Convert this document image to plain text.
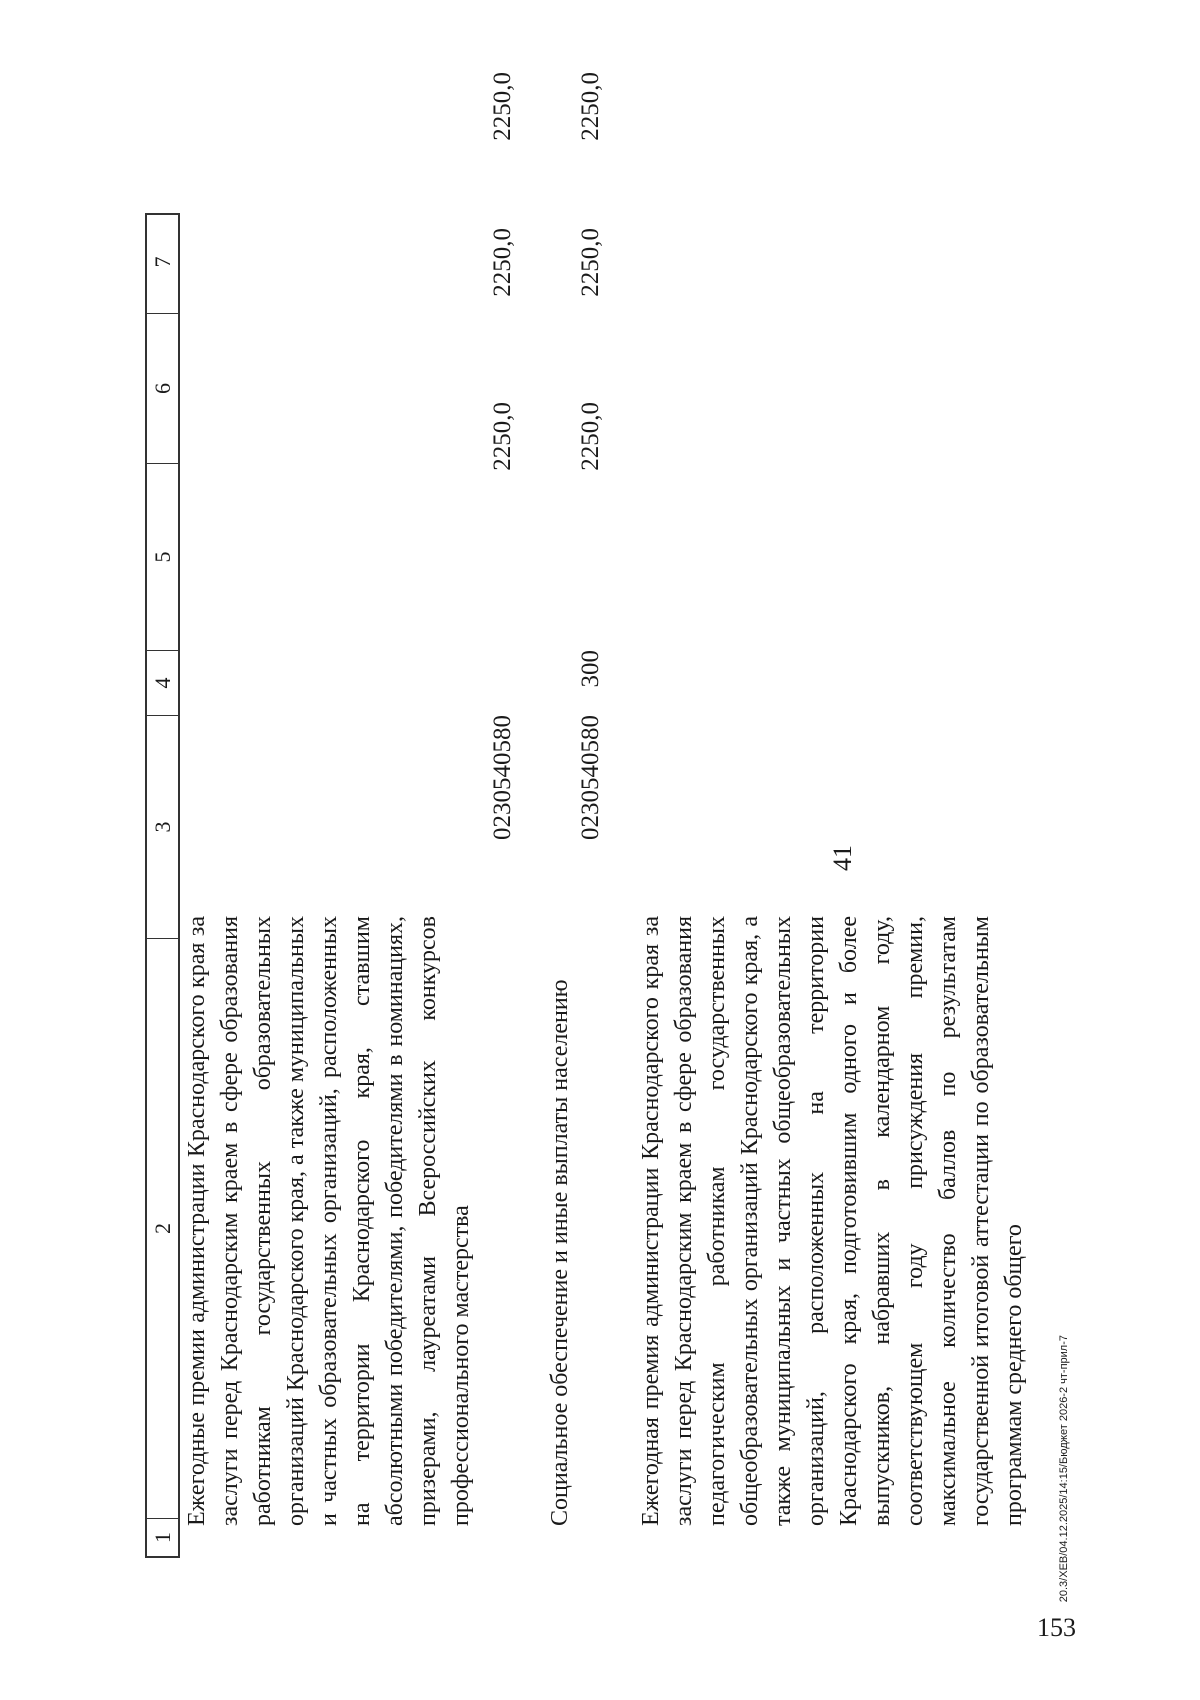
41
1
2
3
4
5
6
7
Ежегодные премии администрации Краснодарского края за заслуги перед Краснодарским краем в сфере образования работникам государственных образовательных организаций Краснодарского края, а также муниципальных и частных образовательных организаций, расположенных на территории Краснодарского края, ставшим абсолютными победителями, победителями в номинациях, призерами, лауреатами Всероссийских конкурсов профессионального мастерства
0230540580
2250,0
2250,0
2250,0
Социальное обеспечение и иные выплаты населению
0230540580
300
2250,0
2250,0
2250,0
Ежегодная премия администрации Краснодарского края за заслуги перед Краснодарским краем в сфере образования педагогическим работникам государственных общеобразовательных организаций Краснодарского края, а также муниципальных и частных общеобразовательных организаций, расположенных на территории Краснодарского края, подготовившим одного и более выпускников, набравших в календарном году, соответствующем году присуждения премии, максимальное количество баллов по результатам государственной итоговой аттестации по образовательным программам среднего общего	20.3/XEB/04.12.2025/14:15/Бюджет 2026-2 чт-прил-7
153
